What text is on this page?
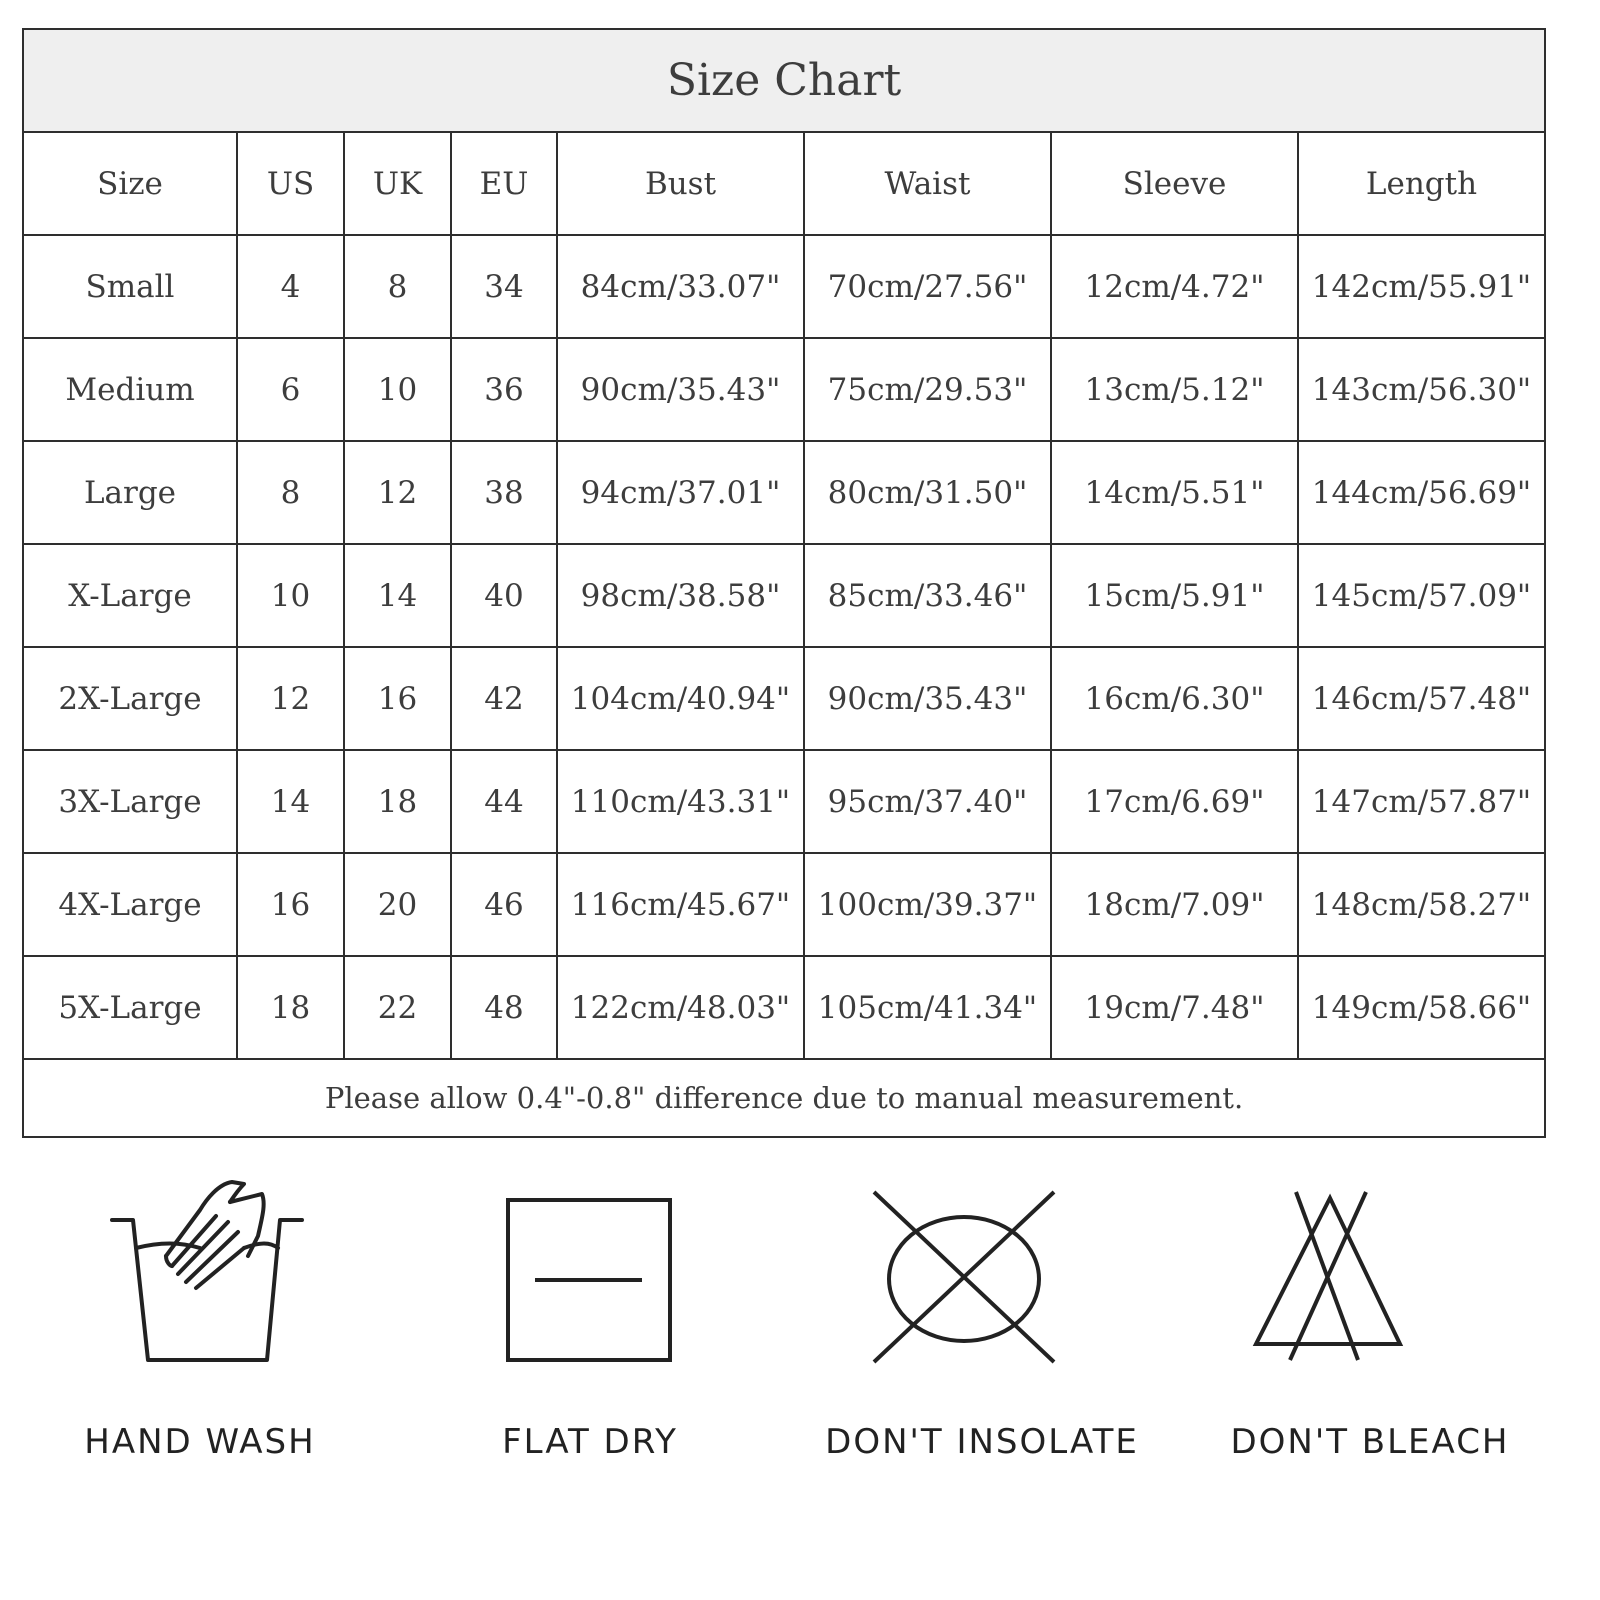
Size Chart							
Size	US	UK	EU	Bust	Waist	Sleeve	Length
Small	4	8	34	84cm/33.07"	70cm/27.56"	12cm/4.72"	142cm/55.91"
Medium	6	10	36	90cm/35.43"	75cm/29.53"	13cm/5.12"	143cm/56.30"
Large	8	12	38	94cm/37.01"	80cm/31.50"	14cm/5.51"	144cm/56.69"
X-Large	10	14	40	98cm/38.58"	85cm/33.46"	15cm/5.91"	145cm/57.09"
2X-Large	12	16	42	104cm/40.94"	90cm/35.43"	16cm/6.30"	146cm/57.48"
3X-Large	14	18	44	110cm/43.31"	95cm/37.40"	17cm/6.69"	147cm/57.87"
4X-Large	16	20	46	116cm/45.67"	100cm/39.37"	18cm/7.09"	148cm/58.27"
5X-Large	18	22	48	122cm/48.03"	105cm/41.34"	19cm/7.48"	149cm/58.66"
Please allow 0.4"-0.8" difference due to manual measurement.							
HAND WASH	FLAT DRY	DON'T INSOLATE	DON'T BLEACH
